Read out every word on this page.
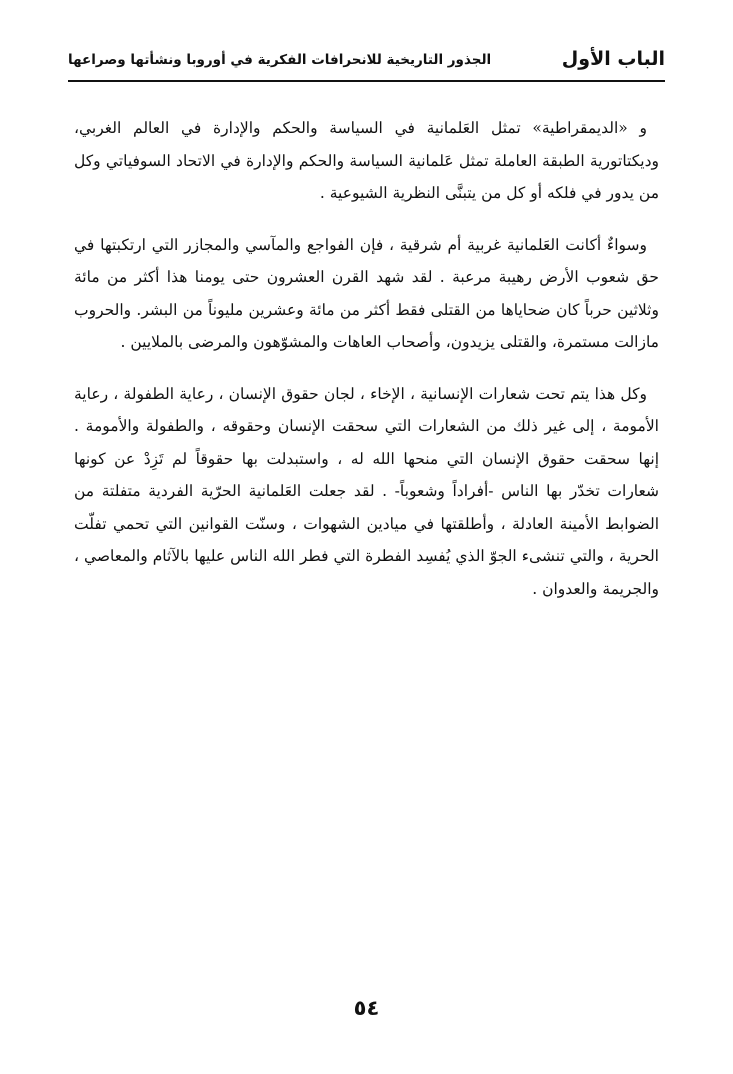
الباب الأول
الجذور التاريخية للانحرافات الفكرية في أوروبا ونشأتها وصراعها

و «الديمقراطية» تمثل العَلمانية في السياسة والحكم والإدارة في العالم الغربي، وديكتاتورية الطبقة العاملة تمثل عَلمانية السياسة والحكم والإدارة في الاتحاد السوفياتي وكل من يدور في فلكه أو كل من يتبنَّى النظرية الشيوعية .

وسواءٌ أكانت العَلمانية غربية أم شرقية ، فإن الفواجع والمآسي والمجازر التي ارتكبتها في حق شعوب الأرض رهيبة مرعبة . لقد شهد القرن العشرون حتى يومنا هذا أكثر من مائة وثلاثين حرباً كان ضحاياها من القتلى فقط أكثر من مائة وعشرين مليوناً من البشر. والحروب مازالت مستمرة، والقتلى يزيدون، وأصحاب العاهات والمشوّهون والمرضى بالملايين .

وكل هذا يتم تحت شعارات الإنسانية ، الإخاء ، لجان حقوق الإنسان ، رعاية الطفولة ، رعاية الأمومة ، إلى غير ذلك من الشعارات التي سحقت الإنسان وحقوقه ، والطفولة والأمومة . إنها سحقت حقوق الإنسان التي منحها الله له ، واستبدلت بها حقوقاً لم تَزِدْ عن كونها شعارات تخدّر بها الناس -أفراداً وشعوباً- . لقد جعلت العَلمانية الحرّية الفردية متفلتة من الضوابط الأمينة العادلة ، وأطلقتها في ميادين الشهوات ، وسنّت القوانين التي تحمي تفلّت الحرية ، والتي تنشىء الجوّ الذي يُفسِد الفطرة التي فطر الله الناس عليها بالآثام والمعاصي ، والجريمة والعدوان .

٥٤
